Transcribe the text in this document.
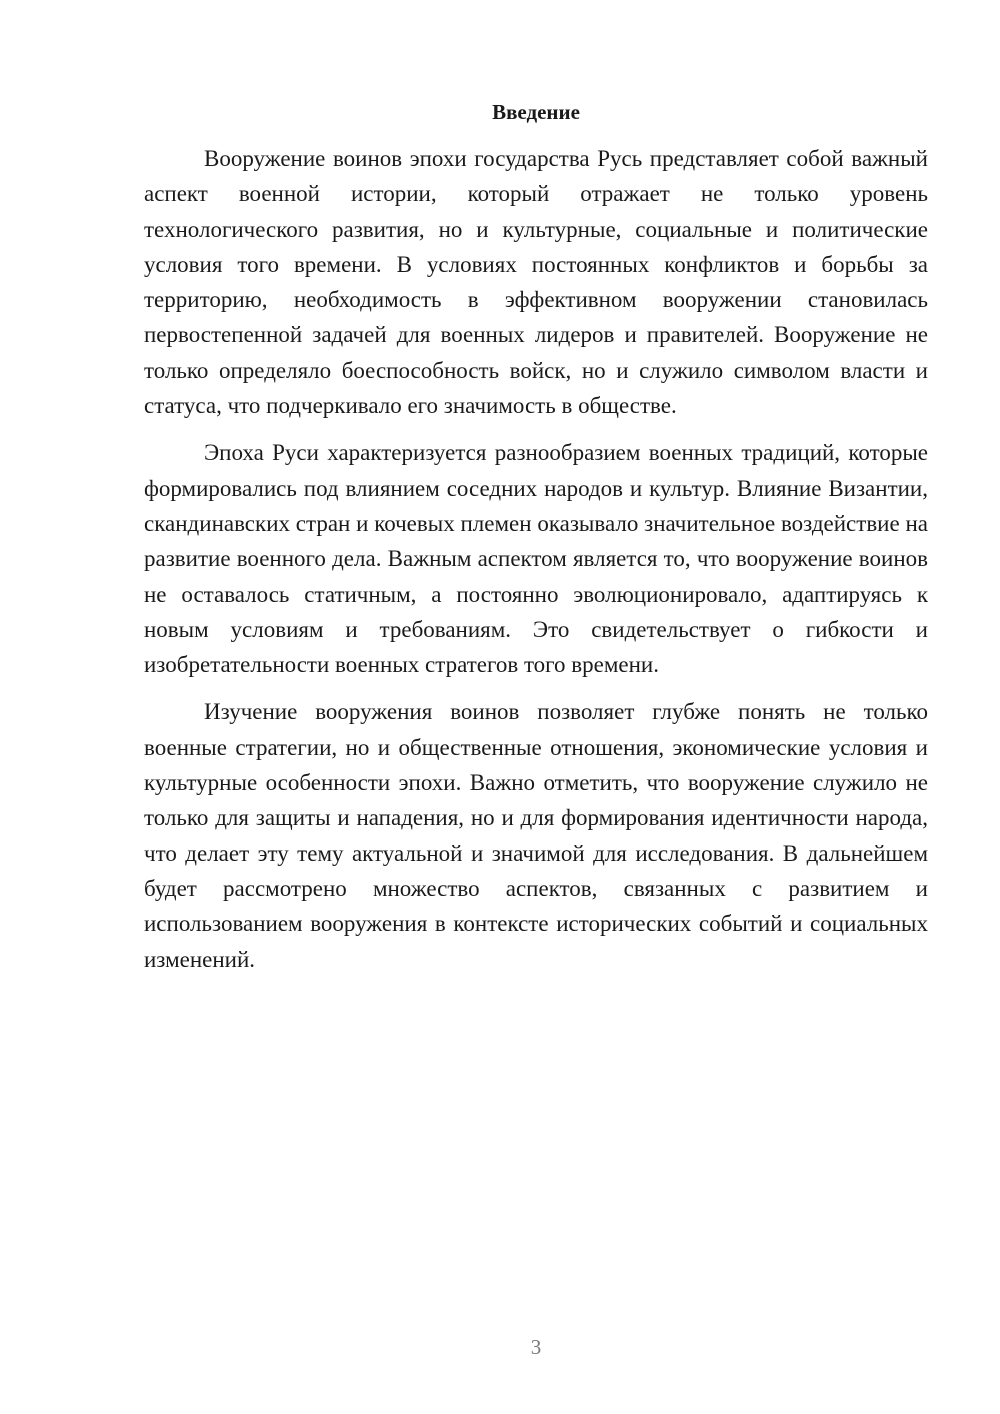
Введение

Вооружение воинов эпохи государства Русь представляет собой важный аспект военной истории, который отражает не только уровень технологического развития, но и культурные, социальные и политические условия того времени. В условиях постоянных конфликтов и борьбы за территорию, необходимость в эффективном вооружении становилась первостепенной задачей для военных лидеров и правителей. Вооружение не только определяло боеспособность войск, но и служило символом власти и статуса, что подчеркивало его значимость в обществе.

Эпоха Руси характеризуется разнообразием военных традиций, которые формировались под влиянием соседних народов и культур. Влияние Византии, скандинавских стран и кочевых племен оказывало значительное воздействие на развитие военного дела. Важным аспектом является то, что вооружение воинов не оставалось статичным, а постоянно эволюционировало, адаптируясь к новым условиям и требованиям. Это свидетельствует о гибкости и изобретательности военных стратегов того времени.

Изучение вооружения воинов позволяет глубже понять не только военные стратегии, но и общественные отношения, экономические условия и культурные особенности эпохи. Важно отметить, что вооружение служило не только для защиты и нападения, но и для формирования идентичности народа, что делает эту тему актуальной и значимой для исследования. В дальнейшем будет рассмотрено множество аспектов, связанных с развитием и использованием вооружения в контексте исторических событий и социальных изменений.

3
